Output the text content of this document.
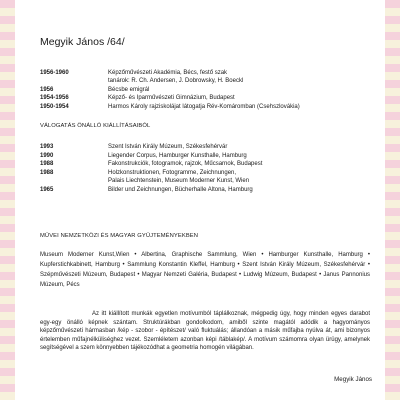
Megyik János /64/
1956-1960	Képzőművészeti Akadémia, Bécs, festő szak
tanárok: R. Ch. Andersen, J. Dobrowsky, H. Boeckl
1956	Bécsbe emigrál
1954-1956	Képző- és Iparművészeti Gimnázium, Budapest
1950-1954	Harmos Károly rajziskolájat látogatja Rév-Komáromban (Csehszlovákia)
VÁLOGATÁS ÖNÁLLÓ KIÁLLÍTÁSAIBÓL
1993	Szent István Király Múzeum, Székesfehérvár
1990	Liegender Corpus, Hamburger Kunsthalle, Hamburg
1988	Fakonstrukciók, fotogramok, rajzok, Műcsarnok, Budapest
1988	Holzkonstruktionen, Fotogramme, Zeichnungen,
Palais Liechtenstein, Museum Moderner Kunst, Wien
1965	Bilder und Zeichnungen, Bücherhalle Altona, Hamburg
MŰVEI NEMZETKÖZI ÉS MAGYAR GYŰJTEMÉNYEKBEN
Museum Moderner Kunst,Wien • Albertina, Graphische Sammlung, Wien • Hamburger Kunsthalle, Hamburg • Kupferstichkabinett, Hamburg • Sammlung Konstantin Kleffel, Hamburg • Szent István Király Múzeum, Székesfehérvár • Szépművészeti Múzeum, Budapest • Magyar Nemzeti Galéria, Budapest • Ludwig Múzeum, Budapest • Janus Pannonius Múzeum, Pécs
Az itt kiállított munkák egyetlen motívumból táplálkoznak, mégpedig úgy, hogy minden egyes darabot egy-egy önálló képnek szántam. Struktúrákban gondolkodom, amiből szinte magától adódik a hagyományos képzőművészeti hármasban /kép - szobor - építészet/ való fluktuálás; állandóan a másik műfajba nyúlva át, ami bizonyos értelemben műfajnélküliséghez vezet. Szemléletem azonban képi /táblakép/. A motívum számomra olyan ürügy, amelynek segítségével a szem könnyebben tájékozódhat a geometria homogén világában.
Megyik János
